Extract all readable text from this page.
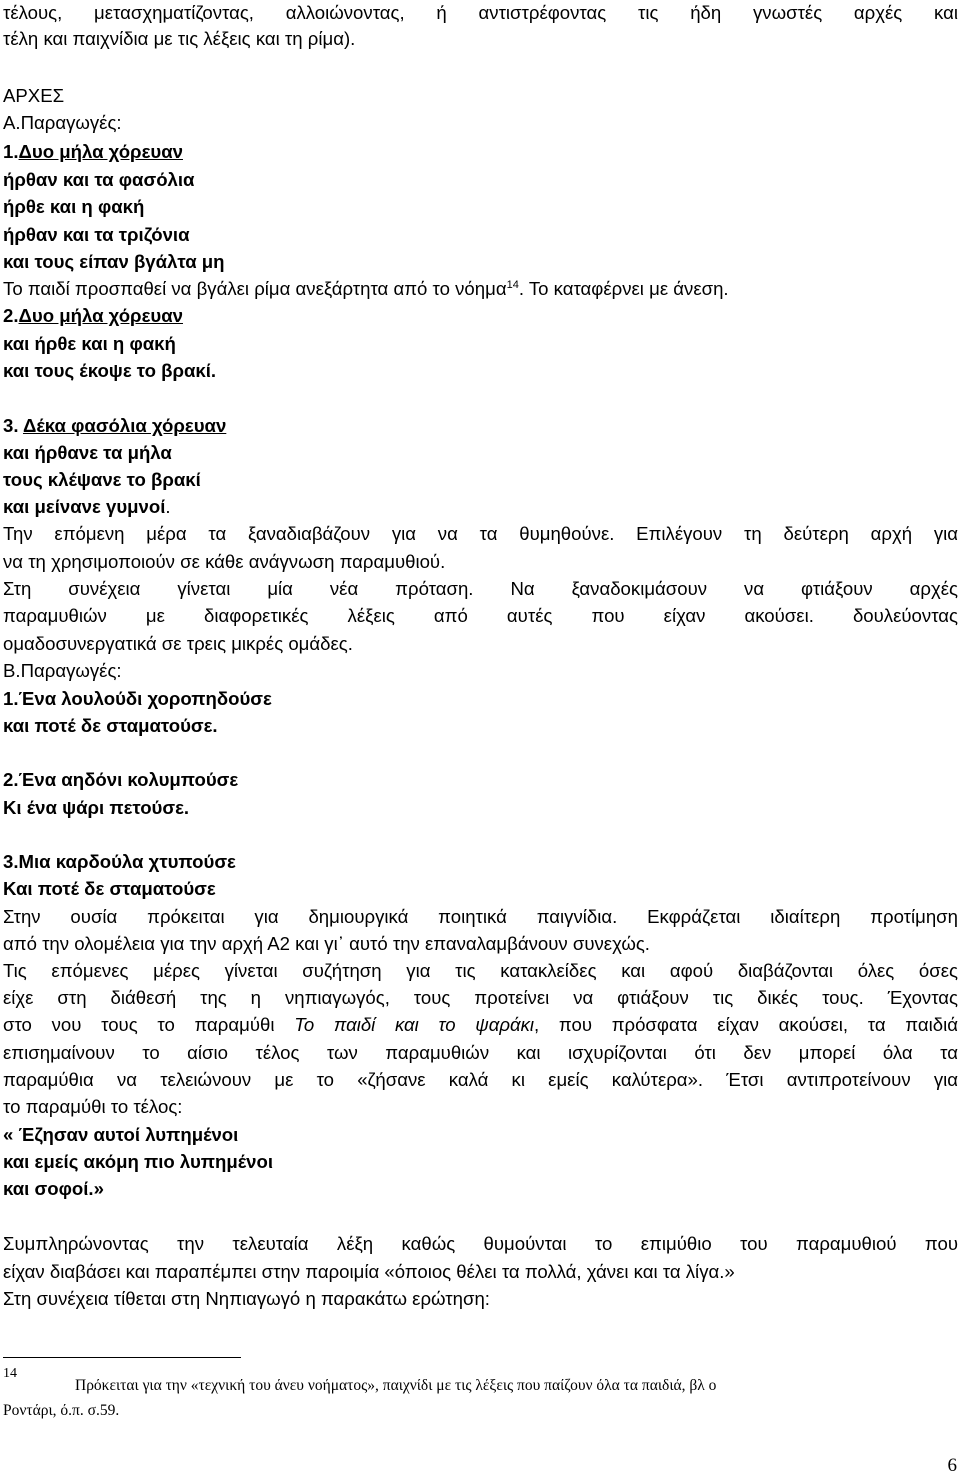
τέλους, μετασχηματίζοντας, αλλοιώνοντας, ή αντιστρέφοντας τις ήδη γνωστές αρχές και
τέλη και παιχνίδια με τις λέξεις και τη ρίμα).
ΑΡΧΕΣ
Α.Παραγωγές:
1.Δυο μήλα χόρευαν
ήρθαν και τα φασόλια
ήρθε και η φακή
ήρθαν και τα τριζόνια
και τους είπαν βγάλτα μη
Το παιδί προσπαθεί να βγάλει ρίμα ανεξάρτητα από το νόημα$^{14}$. Το καταφέρνει με άνεση.
2.Δυο μήλα χόρευαν
και ήρθε και η φακή
και τους έκοψε το βρακί.
3. Δέκα φασόλια χόρευαν
και ήρθανε τα μήλα
τους κλέψανε το βρακί
και μείνανε γυμνοί.
Την επόμενη μέρα τα ξαναδιαβάζουν για να τα θυμηθούνε. Επιλέγουν τη δεύτερη αρχή για
να τη χρησιμοποιούν σε κάθε ανάγνωση παραμυθιού.
Στη συνέχεια γίνεται μία νέα πρόταση. Να ξαναδοκιμάσουν να φτιάξουν αρχές
παραμυθιών με διαφορετικές λέξεις από αυτές που είχαν ακούσει. δουλεύοντας
ομαδοσυνεργατικά σε τρεις μικρές ομάδες.
Β.Παραγωγές:
1.Ένα λουλούδι χοροπηδούσε
και ποτέ δε σταματούσε.
2.Ένα αηδόνι κολυμπούσε
Κι ένα ψάρι πετούσε.
3.Μια καρδούλα χτυπούσε
Και ποτέ δε σταματούσε
Στην ουσία πρόκειται για δημιουργικά ποιητικά παιγνίδια. Εκφράζεται ιδιαίτερη προτίμηση
από την ολομέλεια για την αρχή Α2 και γι᾽ αυτό την επαναλαμβάνουν συνεχώς.
Τις επόμενες μέρες γίνεται συζήτηση για τις κατακλείδες και αφού διαβάζονται όλες όσες
είχε στη διάθεσή της η νηπιαγωγός, τους προτείνει να φτιάξουν τις δικές τους. Έχοντας
στο νου τους το παραμύθι Το παιδί και το ψαράκι, που πρόσφατα είχαν ακούσει, τα παιδιά
επισημαίνουν το αίσιο τέλος των παραμυθιών και ισχυρίζονται ότι δεν μπορεί όλα τα
παραμύθια να τελειώνουν με το «ζήσανε καλά κι εμείς καλύτερα». Έτσι αντιπροτείνουν για
το παραμύθι το τέλος:
« Έζησαν αυτοί λυπημένοι
και εμείς ακόμη πιο λυπημένοι
και σοφοί.»
Συμπληρώνοντας την τελευταία λέξη καθώς θυμούνται το επιμύθιο του παραμυθιού που
είχαν διαβάσει και παραπέμπει στην παροιμία «όποιος θέλει τα πολλά, χάνει και τα λίγα.»
Στη συνέχεια τίθεται στη Νηπιαγωγό η παρακάτω ερώτηση:
14
Πρόκειται για την «τεχνική του άνευ νοήματος», παιχνίδι με τις λέξεις που παίζουν όλα τα παιδιά, βλ ο
Ροντάρι, ό.π. σ.59.
6
